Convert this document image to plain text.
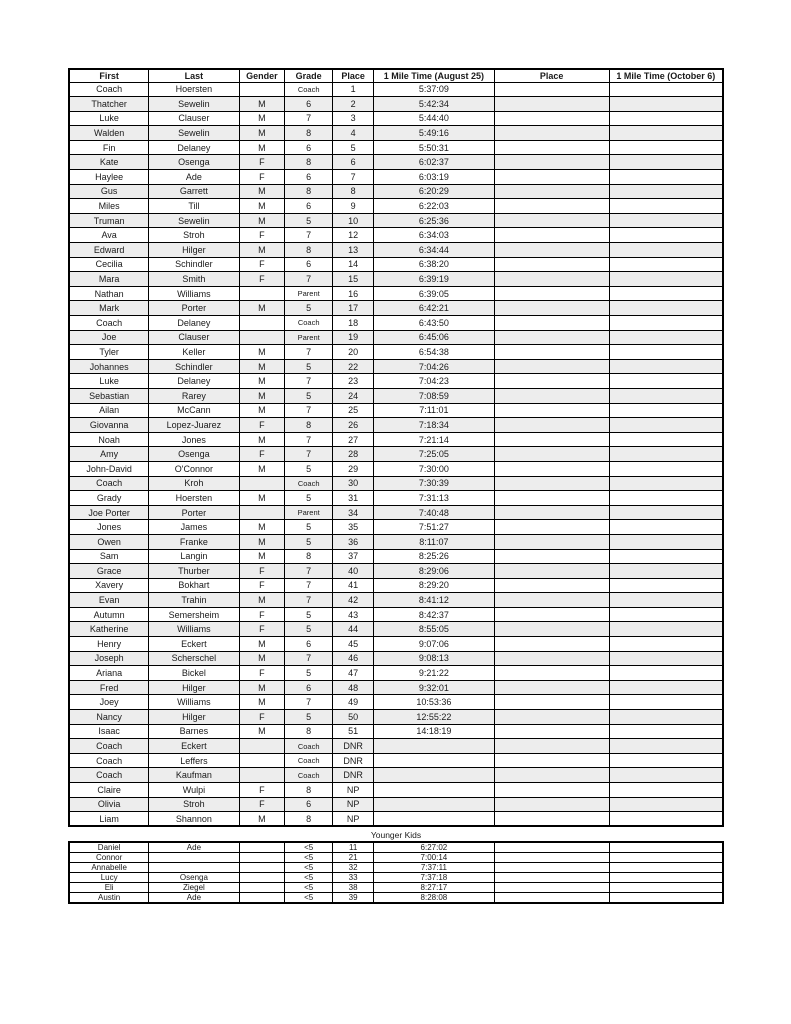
First	Last	Gender	Grade	Place	1 Mile Time (August 25)	Place	1 Mile Time (October 6)
Coach	Hoersten		Coach	1	5:37:09		
Thatcher	Sewelin	M	6	2	5:42:34		
Luke	Clauser	M	7	3	5:44:40		
Walden	Sewelin	M	8	4	5:49:16		
Fin	Delaney	M	6	5	5:50:31		
Kate	Osenga	F	8	6	6:02:37		
Haylee	Ade	F	6	7	6:03:19		
Gus	Garrett	M	8	8	6:20:29		
Miles	Till	M	6	9	6:22:03		
Truman	Sewelin	M	5	10	6:25:36		
Ava	Stroh	F	7	12	6:34:03		
Edward	Hilger	M	8	13	6:34:44		
Cecilia	Schindler	F	6	14	6:38:20		
Mara	Smith	F	7	15	6:39:19		
Nathan	Williams		Parent	16	6:39:05		
Mark	Porter	M	5	17	6:42:21		
Coach	Delaney		Coach	18	6:43:50		
Joe	Clauser		Parent	19	6:45:06		
Tyler	Keller	M	7	20	6:54:38		
Johannes	Schindler	M	5	22	7:04:26		
Luke	Delaney	M	7	23	7:04:23		
Sebastian	Rarey	M	5	24	7:08:59		
Ailan	McCann	M	7	25	7:11:01		
Giovanna	Lopez-Juarez	F	8	26	7:18:34		
Noah	Jones	M	7	27	7:21:14		
Amy	Osenga	F	7	28	7:25:05		
John-David	O'Connor	M	5	29	7:30:00		
Coach	Kroh		Coach	30	7:30:39		
Grady	Hoersten	M	5	31	7:31:13		
Joe Porter	Porter		Parent	34	7:40:48		
Jones	James	M	5	35	7:51:27		
Owen	Franke	M	5	36	8:11:07		
Sam	Langin	M	8	37	8:25:26		
Grace	Thurber	F	7	40	8:29:06		
Xavery	Bokhart	F	7	41	8:29:20		
Evan	Trahin	M	7	42	8:41:12		
Autumn	Semersheim	F	5	43	8:42:37		
Katherine	Williams	F	5	44	8:55:05		
Henry	Eckert	M	6	45	9:07:06		
Joseph	Scherschel	M	7	46	9:08:13		
Ariana	Bickel	F	5	47	9:21:22		
Fred	Hilger	M	6	48	9:32:01		
Joey	Williams	M	7	49	10:53:36		
Nancy	Hilger	F	5	50	12:55:22		
Isaac	Barnes	M	8	51	14:18:19		
Coach	Eckert		Coach	DNR			
Coach	Leffers		Coach	DNR			
Coach	Kaufman		Coach	DNR			
Claire	Wulpi	F	8	NP			
Olivia	Stroh	F	6	NP			
Liam	Shannon	M	8	NP			
Younger Kids
Daniel	Ade		<5	11	6:27:02		
Connor			<5	21	7:00:14		
Annabelle			<5	32	7:37:11		
Lucy	Osenga		<5	33	7:37:18		
Eli	Ziegel		<5	38	8:27:17		
Austin	Ade		<5	39	8:28:08		
